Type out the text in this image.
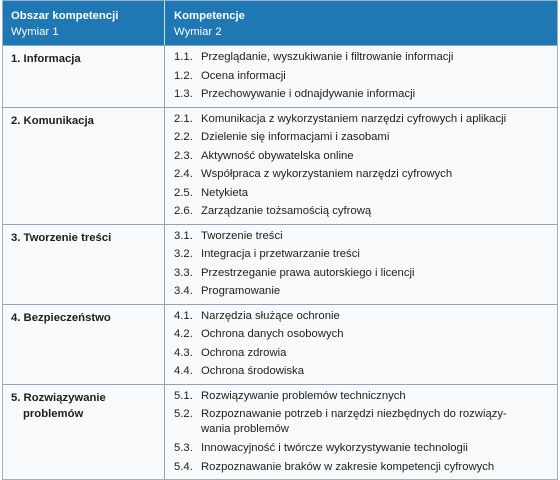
Obszar kompetencji
Wymiar 1
Kompetencje
Wymiar 2
1. Informacja	1.1. Przeglądanie, wyszukiwanie i filtrowanie informacji
1.2. Ocena informacji
1.3. Przechowywanie i odnajdywanie informacji
2. Komunikacja	2.1. Komunikacja z wykorzystaniem narzędzi cyfrowych i aplikacji
2.2. Dzielenie się informacjami i zasobami
2.3. Aktywność obywatelska online
2.4. Współpraca z wykorzystaniem narzędzi cyfrowych
2.5. Netykieta
2.6. Zarządzanie tożsamością cyfrową
3. Tworzenie treści	3.1. Tworzenie treści
3.2. Integracja i przetwarzanie treści
3.3. Przestrzeganie prawa autorskiego i licencji
3.4. Programowanie
4. Bezpieczeństwo	4.1. Narzędzia służące ochronie
4.2. Ochrona danych osobowych
4.3. Ochrona zdrowia
4.4. Ochrona środowiska
5. Rozwiązywanie
problemów
5.1. Rozwiązywanie problemów technicznych
5.2. Rozpoznawanie potrzeb i narzędzi niezbędnych do rozwiązy-
wania problemów
5.3. Innowacyjność i twórcze wykorzystywanie technologii
5.4. Rozpoznawanie braków w zakresie kompetencji cyfrowych
